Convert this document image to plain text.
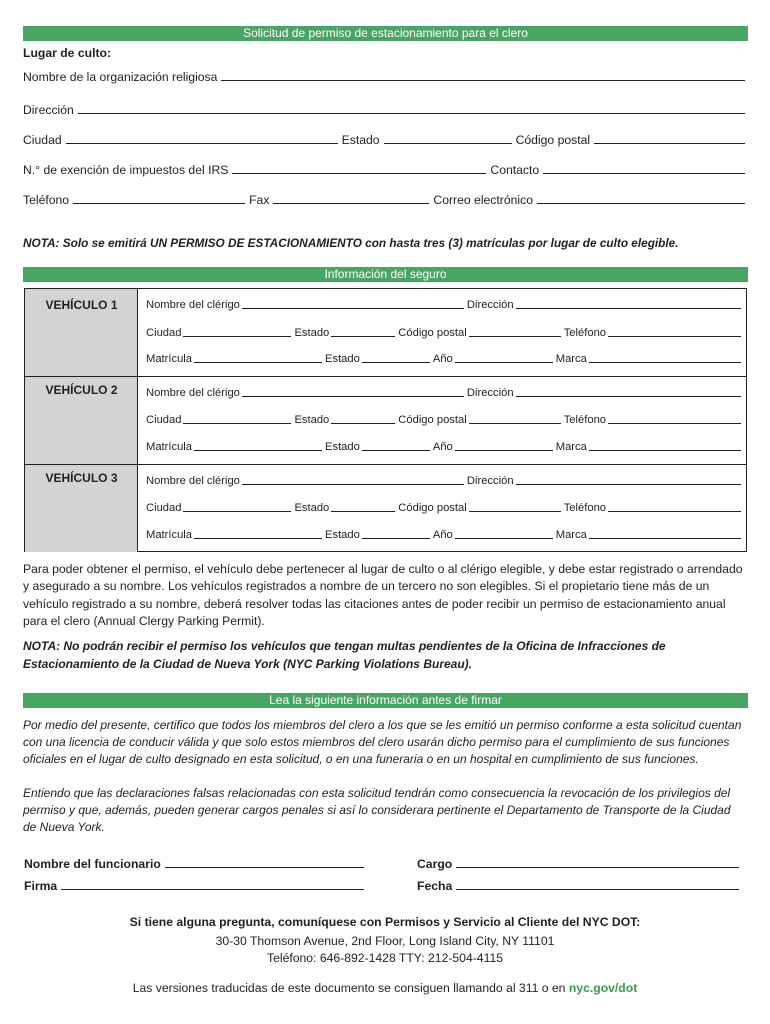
Solicitud de permiso de estacionamiento para el clero
Lugar de culto:
Nombre de la organización religiosa
Dirección
Ciudad	Estado	Código postal
N.° de exención de impuestos del IRS	Contacto
Teléfono	Fax	Correo electrónico
NOTA: Solo se emitirá UN PERMISO DE ESTACIONAMIENTO con hasta tres (3) matrículas por lugar de culto elegible.
Información del seguro
VEHÍCULO 1	Nombre del clérigo	Dirección
Ciudad	Estado	Código postal	Teléfono
Matrícula	Estado	Año	Marca
VEHÍCULO 2	Nombre del clérigo	Dirección
Ciudad	Estado	Código postal	Teléfono
Matrícula	Estado	Año	Marca
VEHÍCULO 3	Nombre del clérigo	Dirección
Ciudad	Estado	Código postal	Teléfono
Matrícula	Estado	Año	Marca
Para poder obtener el permiso, el vehículo debe pertenecer al lugar de culto o al clérigo elegible, y debe estar registrado o arrendado y asegurado a su nombre. Los vehículos registrados a nombre de un tercero no son elegibles. Si el propietario tiene más de un vehículo registrado a su nombre, deberá resolver todas las citaciones antes de poder recibir un permiso de estacionamiento anual para el clero (Annual Clergy Parking Permit).
NOTA: No podrán recibir el permiso los vehículos que tengan multas pendientes de la Oficina de Infracciones de Estacionamiento de la Ciudad de Nueva York (NYC Parking Violations Bureau).
Lea la siguiente información antes de firmar
Por medio del presente, certifico que todos los miembros del clero a los que se les emitió un permiso conforme a esta solicitud cuentan con una licencia de conducir válida y que solo estos miembros del clero usarán dicho permiso para el cumplimiento de sus funciones oficiales en el lugar de culto designado en esta solicitud, o en una funeraria o en un hospital en cumplimiento de sus funciones.
Entiendo que las declaraciones falsas relacionadas con esta solicitud tendrán como consecuencia la revocación de los privilegios del permiso y que, además, pueden generar cargos penales si así lo considerara pertinente el Departamento de Transporte de la Ciudad de Nueva York.
Nombre del funcionario	Cargo
Firma	Fecha
Si tiene alguna pregunta, comuníquese con Permisos y Servicio al Cliente del NYC DOT:
30-30 Thomson Avenue, 2nd Floor, Long Island City, NY 11101
Teléfono: 646-892-1428 TTY: 212-504-4115
Las versiones traducidas de este documento se consiguen llamando al 311 o en nyc.gov/dot
